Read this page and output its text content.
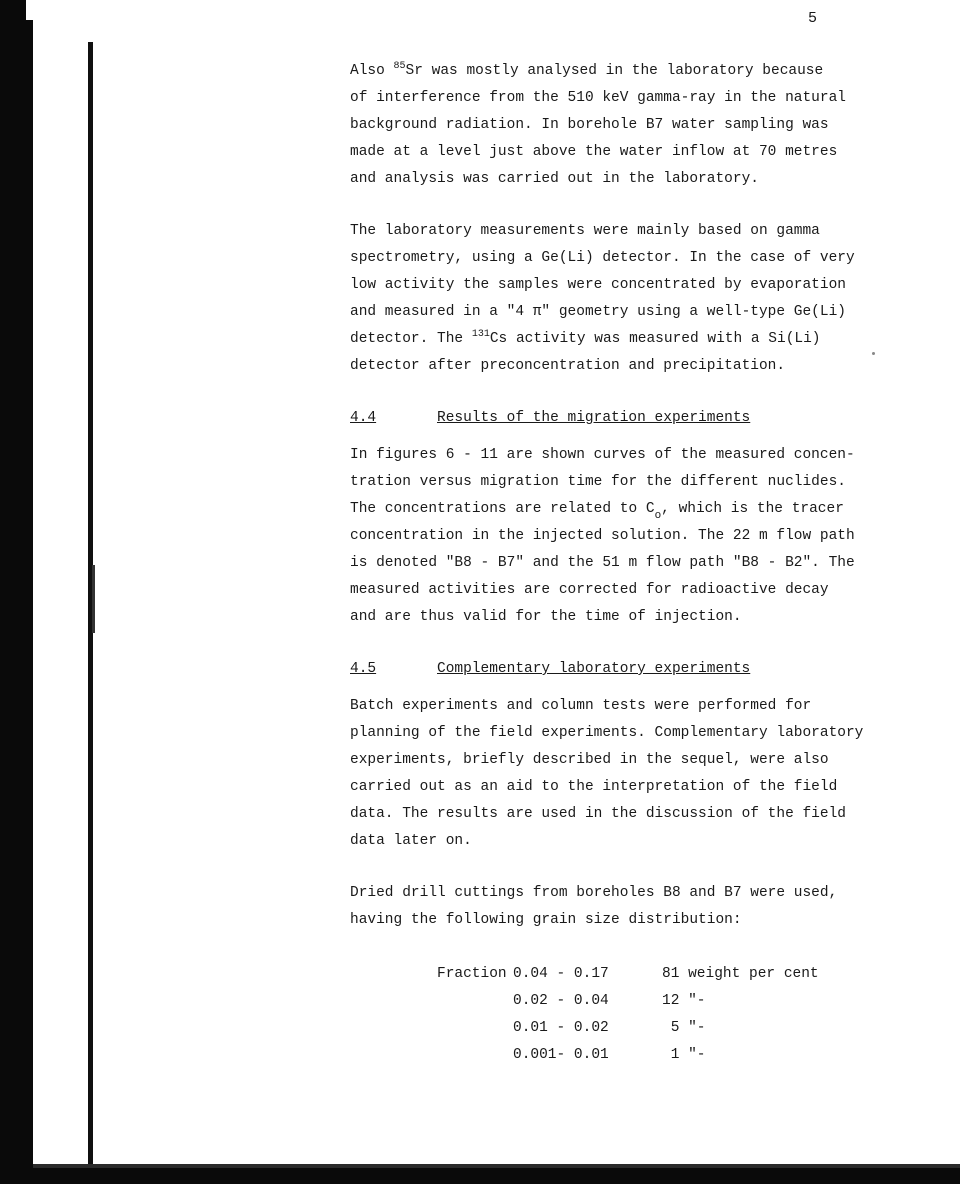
5
Also $^{85}$Sr was mostly analysed in the laboratory because
of interference from the 510 keV gamma-ray in the natural
background radiation. In borehole B7 water sampling was
made at a level just above the water inflow at 70 metres
and analysis was carried out in the laboratory.
The laboratory measurements were mainly based on gamma
spectrometry, using a Ge(Li) detector. In the case of very
low activity the samples were concentrated by evaporation
and measured in a "4 π" geometry using a well-type Ge(Li)
detector. The $^{131}$Cs activity was measured with a Si(Li)
detector after preconcentration and precipitation.
4.4	Results of the migration experiments
In figures 6 - 11 are shown curves of the measured concen-
tration versus migration time for the different nuclides.
The concentrations are related to $C_o$, which is the tracer
concentration in the injected solution. The 22 m flow path
is denoted "B8 - B7" and the 51 m flow path "B8 - B2". The
measured activities are corrected for radioactive decay
and are thus valid for the time of injection.
4.5	Complementary laboratory experiments
Batch experiments and column tests were performed for
planning of the field experiments. Complementary laboratory
experiments, briefly described in the sequel, were also
carried out as an aid to the interpretation of the field
data. The results are used in the discussion of the field
data later on.
Dried drill cuttings from boreholes B8 and B7 were used,
having the following grain size distribution:
Fraction 0.04 - 0.17	81 weight per cent
0.02 - 0.04	12 "-
0.01 - 0.02	5 "-
0.001- 0.01	1 "-
